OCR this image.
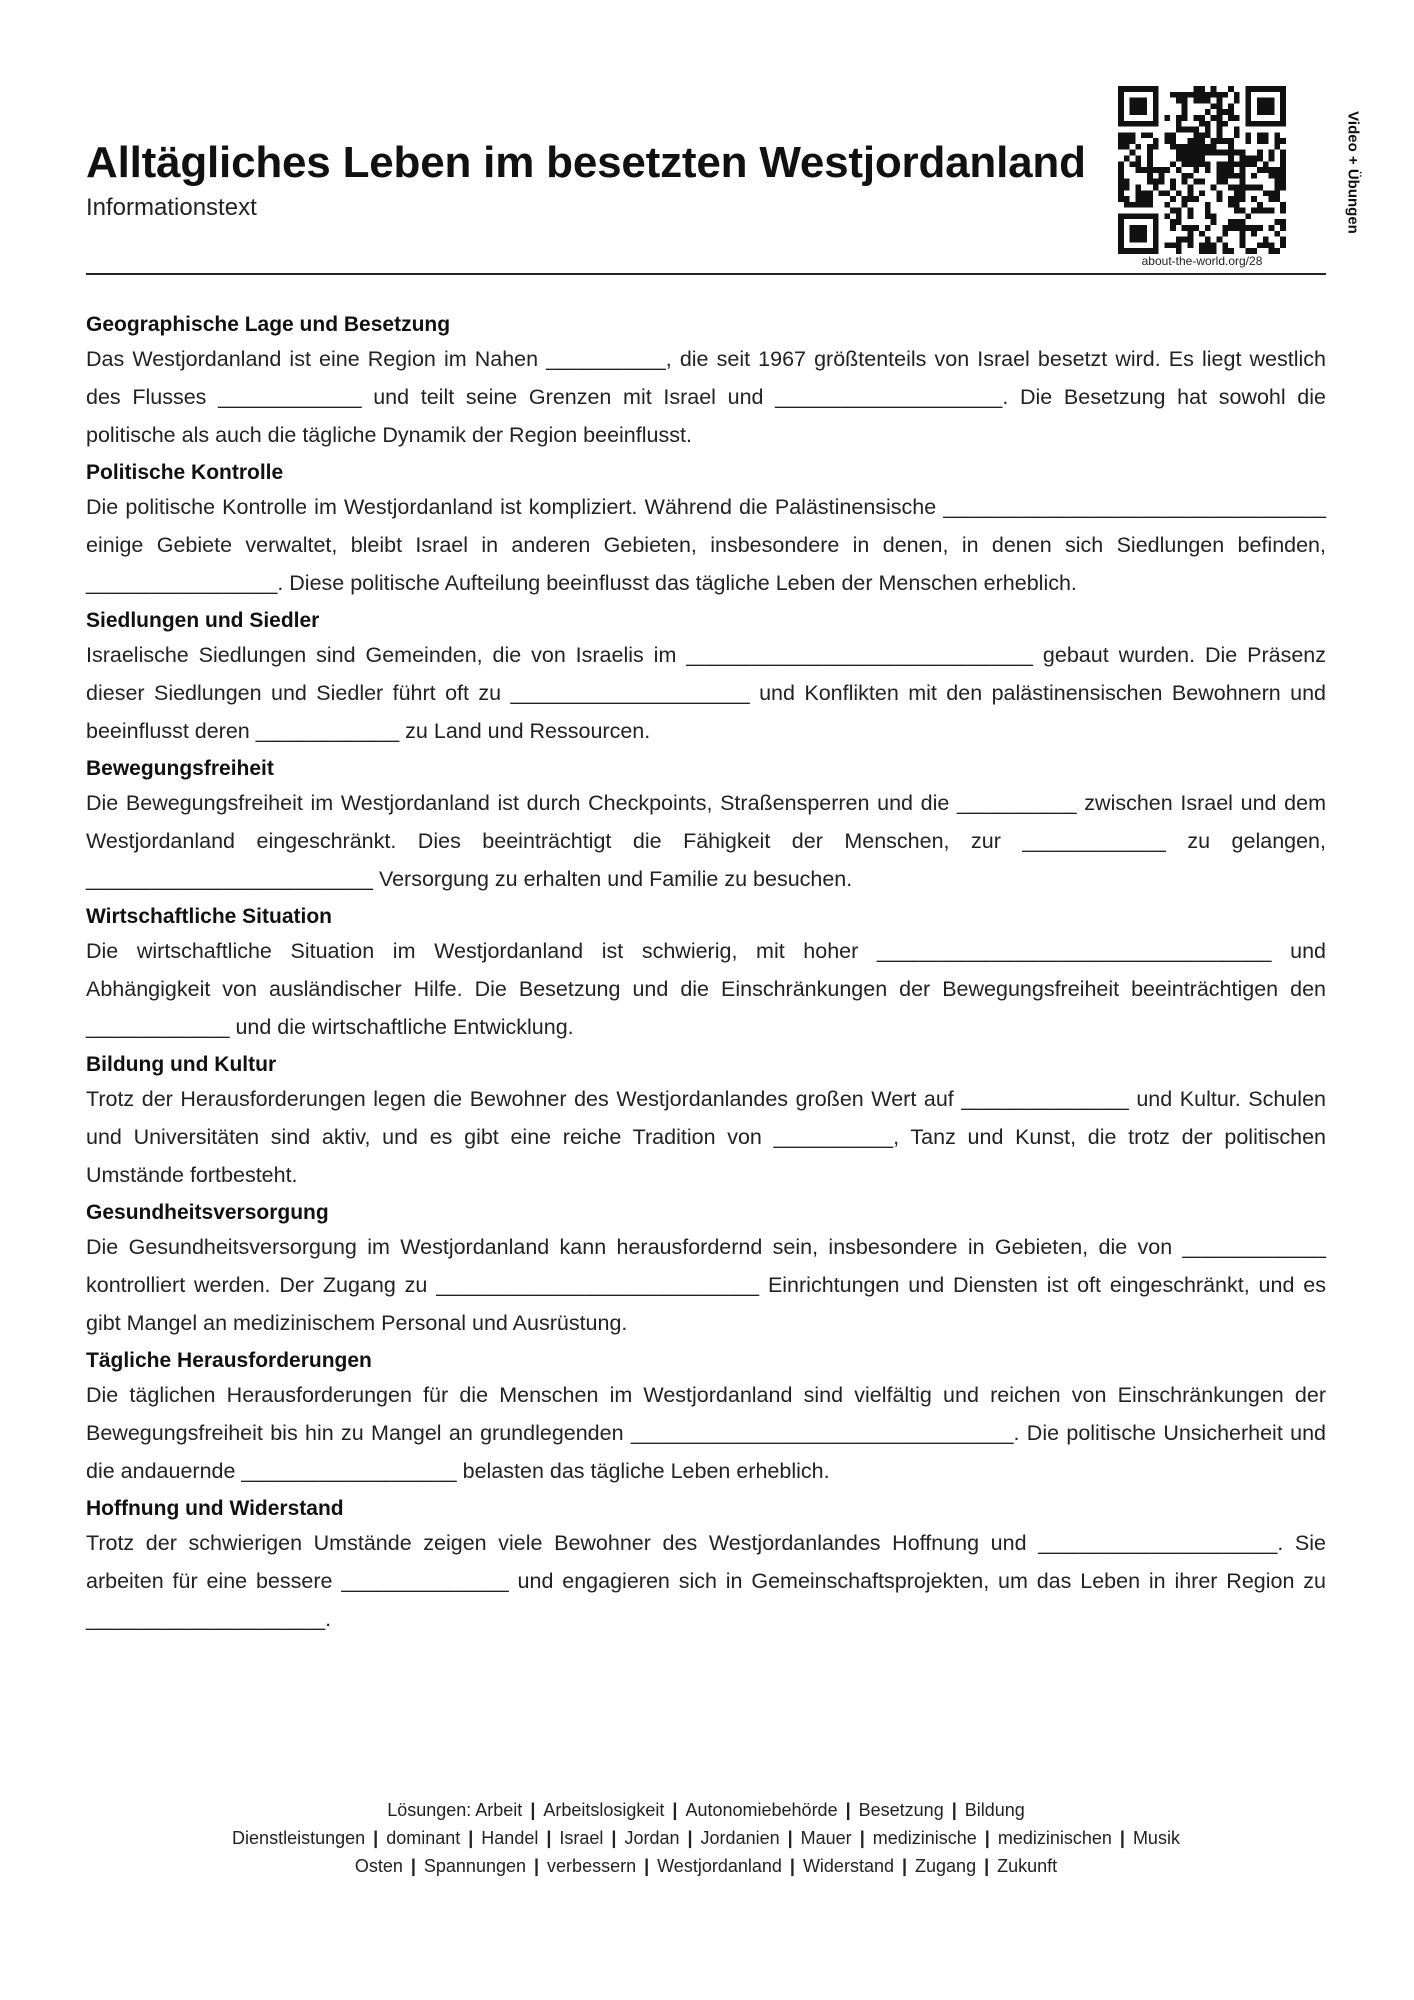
Alltägliches Leben im besetzten Westjordanland
Informationstext
about-the-world.org/28
Video + Übungen
Geographische Lage und Besetzung

Das Westjordanland ist eine Region im Nahen __________, die seit 1967 größtenteils von Israel besetzt wird. Es liegt westlich des Flusses ____________ und teilt seine Grenzen mit Israel und ___________________. Die Besetzung hat sowohl die politische als auch die tägliche Dynamik der Region beeinflusst.

Politische Kontrolle

Die politische Kontrolle im Westjordanland ist kompliziert. Während die Palästinensische ________________________________ einige Gebiete verwaltet, bleibt Israel in anderen Gebieten, insbesondere in denen, in denen sich Siedlungen befinden, ________________. Diese politische Aufteilung beeinflusst das tägliche Leben der Menschen erheblich.

Siedlungen und Siedler

Israelische Siedlungen sind Gemeinden, die von Israelis im _____________________________ gebaut wurden. Die Präsenz dieser Siedlungen und Siedler führt oft zu ____________________ und Konflikten mit den palästinensischen Bewohnern und beeinflusst deren ____________ zu Land und Ressourcen.

Bewegungsfreiheit

Die Bewegungsfreiheit im Westjordanland ist durch Checkpoints, Straßensperren und die __________ zwischen Israel und dem Westjordanland eingeschränkt. Dies beeinträchtigt die Fähigkeit der Menschen, zur ____________ zu gelangen, ________________________ Versorgung zu erhalten und Familie zu besuchen.

Wirtschaftliche Situation

Die wirtschaftliche Situation im Westjordanland ist schwierig, mit hoher _________________________________ und Abhängigkeit von ausländischer Hilfe. Die Besetzung und die Einschränkungen der Bewegungsfreiheit beeinträchtigen den ____________ und die wirtschaftliche Entwicklung.

Bildung und Kultur

Trotz der Herausforderungen legen die Bewohner des Westjordanlandes großen Wert auf ______________ und Kultur. Schulen und Universitäten sind aktiv, und es gibt eine reiche Tradition von __________, Tanz und Kunst, die trotz der politischen Umstände fortbesteht.

Gesundheitsversorgung

Die Gesundheitsversorgung im Westjordanland kann herausfordernd sein, insbesondere in Gebieten, die von ____________ kontrolliert werden. Der Zugang zu ___________________________ Einrichtungen und Diensten ist oft eingeschränkt, und es gibt Mangel an medizinischem Personal und Ausrüstung.

Tägliche Herausforderungen

Die täglichen Herausforderungen für die Menschen im Westjordanland sind vielfältig und reichen von Einschränkungen der Bewegungsfreiheit bis hin zu Mangel an grundlegenden ________________________________. Die politische Unsicherheit und die andauernde __________________ belasten das tägliche Leben erheblich.

Hoffnung und Widerstand

Trotz der schwierigen Umstände zeigen viele Bewohner des Westjordanlandes Hoffnung und ____________________. Sie arbeiten für eine bessere ______________ und engagieren sich in Gemeinschaftsprojekten, um das Leben in ihrer Region zu ____________________.

Lösungen: Arbeit | Arbeitslosigkeit | Autonomiebehörde | Besetzung | Bildung
Dienstleistungen | dominant | Handel | Israel | Jordan | Jordanien | Mauer | medizinische | medizinischen | Musik
Osten | Spannungen | verbessern | Westjordanland | Widerstand | Zugang | Zukunft
